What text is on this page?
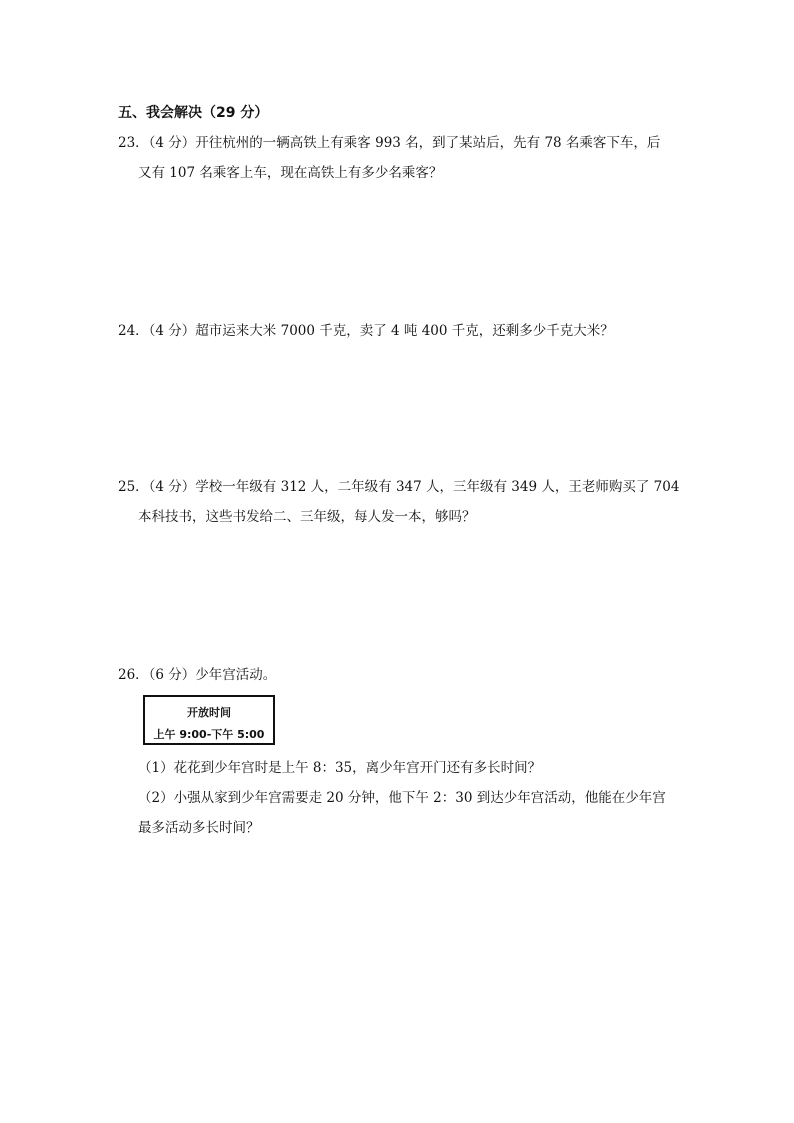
五、我会解决（29 分）
23．（4 分）开往杭州的一辆高铁上有乘客 993 名，到了某站后，先有 78 名乘客下车，后
又有 107 名乘客上车，现在高铁上有多少名乘客？
24．（4 分）超市运来大米 7000 千克，卖了 4 吨 400 千克，还剩多少千克大米？
25．（4 分）学校一年级有 312 人，二年级有 347 人，三年级有 349 人，王老师购买了 704
本科技书，这些书发给二、三年级，每人发一本，够吗？
26．（6 分）少年宫活动。
开放时间
上午 9:00-下午 5:00
（1）花花到少年宫时是上午 8：35，离少年宫开门还有多长时间？
（2）小强从家到少年宫需要走 20 分钟，他下午 2：30 到达少年宫活动，他能在少年宫
最多活动多长时间？
